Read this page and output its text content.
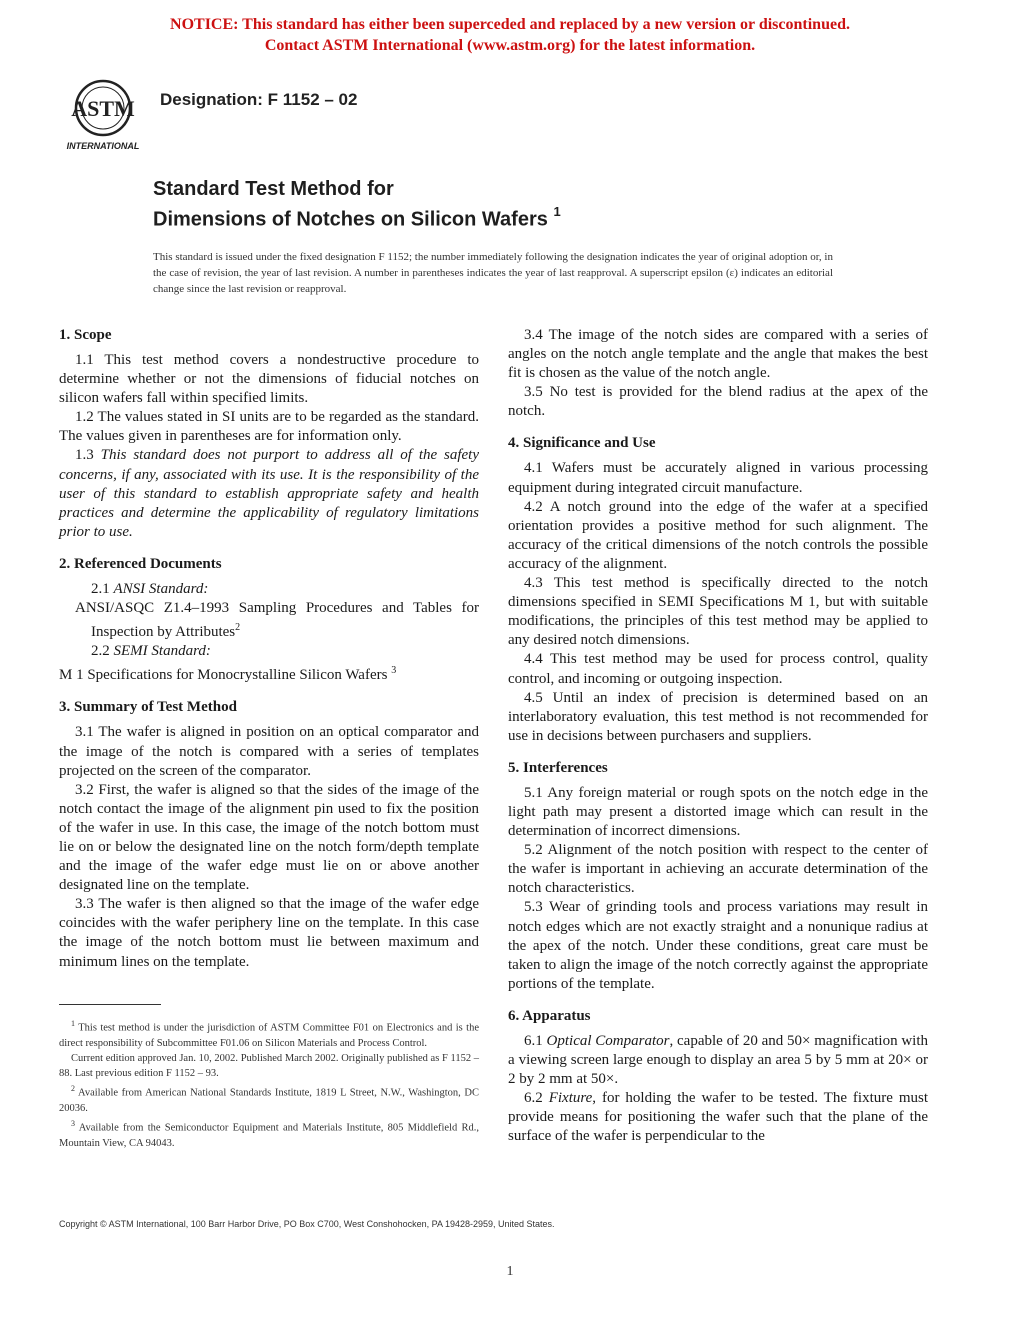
NOTICE: This standard has either been superceded and replaced by a new version or discontinued.
Contact ASTM International (www.astm.org) for the latest information.
ASTM
INTERNATIONAL
Designation: F 1152 – 02
Standard Test Method for
Dimensions of Notches on Silicon Wafers $^1$
This standard is issued under the fixed designation F 1152; the number immediately following the designation indicates the year of original adoption or, in the case of revision, the year of last revision. A number in parentheses indicates the year of last reapproval. A superscript epsilon (ε) indicates an editorial change since the last revision or reapproval.
1. Scope

1.1 This test method covers a nondestructive procedure to determine whether or not the dimensions of fiducial notches on silicon wafers fall within specified limits.

1.2 The values stated in SI units are to be regarded as the standard. The values given in parentheses are for information only.

1.3 This standard does not purport to address all of the safety concerns, if any, associated with its use. It is the responsibility of the user of this standard to establish appropriate safety and health practices and determine the applicability of regulatory limitations prior to use.

2. Referenced Documents

2.1 ANSI Standard:

ANSI/ASQC Z1.4–1993 Sampling Procedures and Tables for Inspection by Attributes$^2$

2.2 SEMI Standard:

M 1 Specifications for Monocrystalline Silicon Wafers $^3$

3. Summary of Test Method

3.1 The wafer is aligned in position on an optical comparator and the image of the notch is compared with a series of templates projected on the screen of the comparator.

3.2 First, the wafer is aligned so that the sides of the image of the notch contact the image of the alignment pin used to fix the position of the wafer in use. In this case, the image of the notch bottom must lie on or below the designated line on the notch form/depth template and the image of the wafer edge must lie on or above another designated line on the template.

3.3 The wafer is then aligned so that the image of the wafer edge coincides with the wafer periphery line on the template. In this case the image of the notch bottom must lie between maximum and minimum lines on the template.

3.4 The image of the notch sides are compared with a series of angles on the notch angle template and the angle that makes the best fit is chosen as the value of the notch angle.

3.5 No test is provided for the blend radius at the apex of the notch.

4. Significance and Use

4.1 Wafers must be accurately aligned in various processing equipment during integrated circuit manufacture.

4.2 A notch ground into the edge of the wafer at a specified orientation provides a positive method for such alignment. The accuracy of the critical dimensions of the notch controls the possible accuracy of the alignment.

4.3 This test method is specifically directed to the notch dimensions specified in SEMI Specifications M 1, but with suitable modifications, the principles of this test method may be applied to any desired notch dimensions.

4.4 This test method may be used for process control, quality control, and incoming or outgoing inspection.

4.5 Until an index of precision is determined based on an interlaboratory evaluation, this test method is not recommended for use in decisions between purchasers and suppliers.

5. Interferences

5.1 Any foreign material or rough spots on the notch edge in the light path may present a distorted image which can result in the determination of incorrect dimensions.

5.2 Alignment of the notch position with respect to the center of the wafer is important in achieving an accurate determination of the notch characteristics.

5.3 Wear of grinding tools and process variations may result in notch edges which are not exactly straight and a nonunique radius at the apex of the notch. Under these conditions, great care must be taken to align the image of the notch correctly against the appropriate portions of the template.

6. Apparatus

6.1 Optical Comparator, capable of 20 and 50× magnification with a viewing screen large enough to display an area 5 by 5 mm at 20× or 2 by 2 mm at 50×.

6.2 Fixture, for holding the wafer to be tested. The fixture must provide means for positioning the wafer such that the plane of the surface of the wafer is perpendicular to the

$^1$ This test method is under the jurisdiction of ASTM Committee F01 on Electronics and is the direct responsibility of Subcommittee F01.06 on Silicon Materials and Process Control.

Current edition approved Jan. 10, 2002. Published March 2002. Originally published as F 1152 – 88. Last previous edition F 1152 – 93.

$^2$ Available from American National Standards Institute, 1819 L Street, N.W., Washington, DC 20036.

$^3$ Available from the Semiconductor Equipment and Materials Institute, 805 Middlefield Rd., Mountain View, CA 94043.

Copyright © ASTM International, 100 Barr Harbor Drive, PO Box C700, West Conshohocken, PA 19428-2959, United States.
1
